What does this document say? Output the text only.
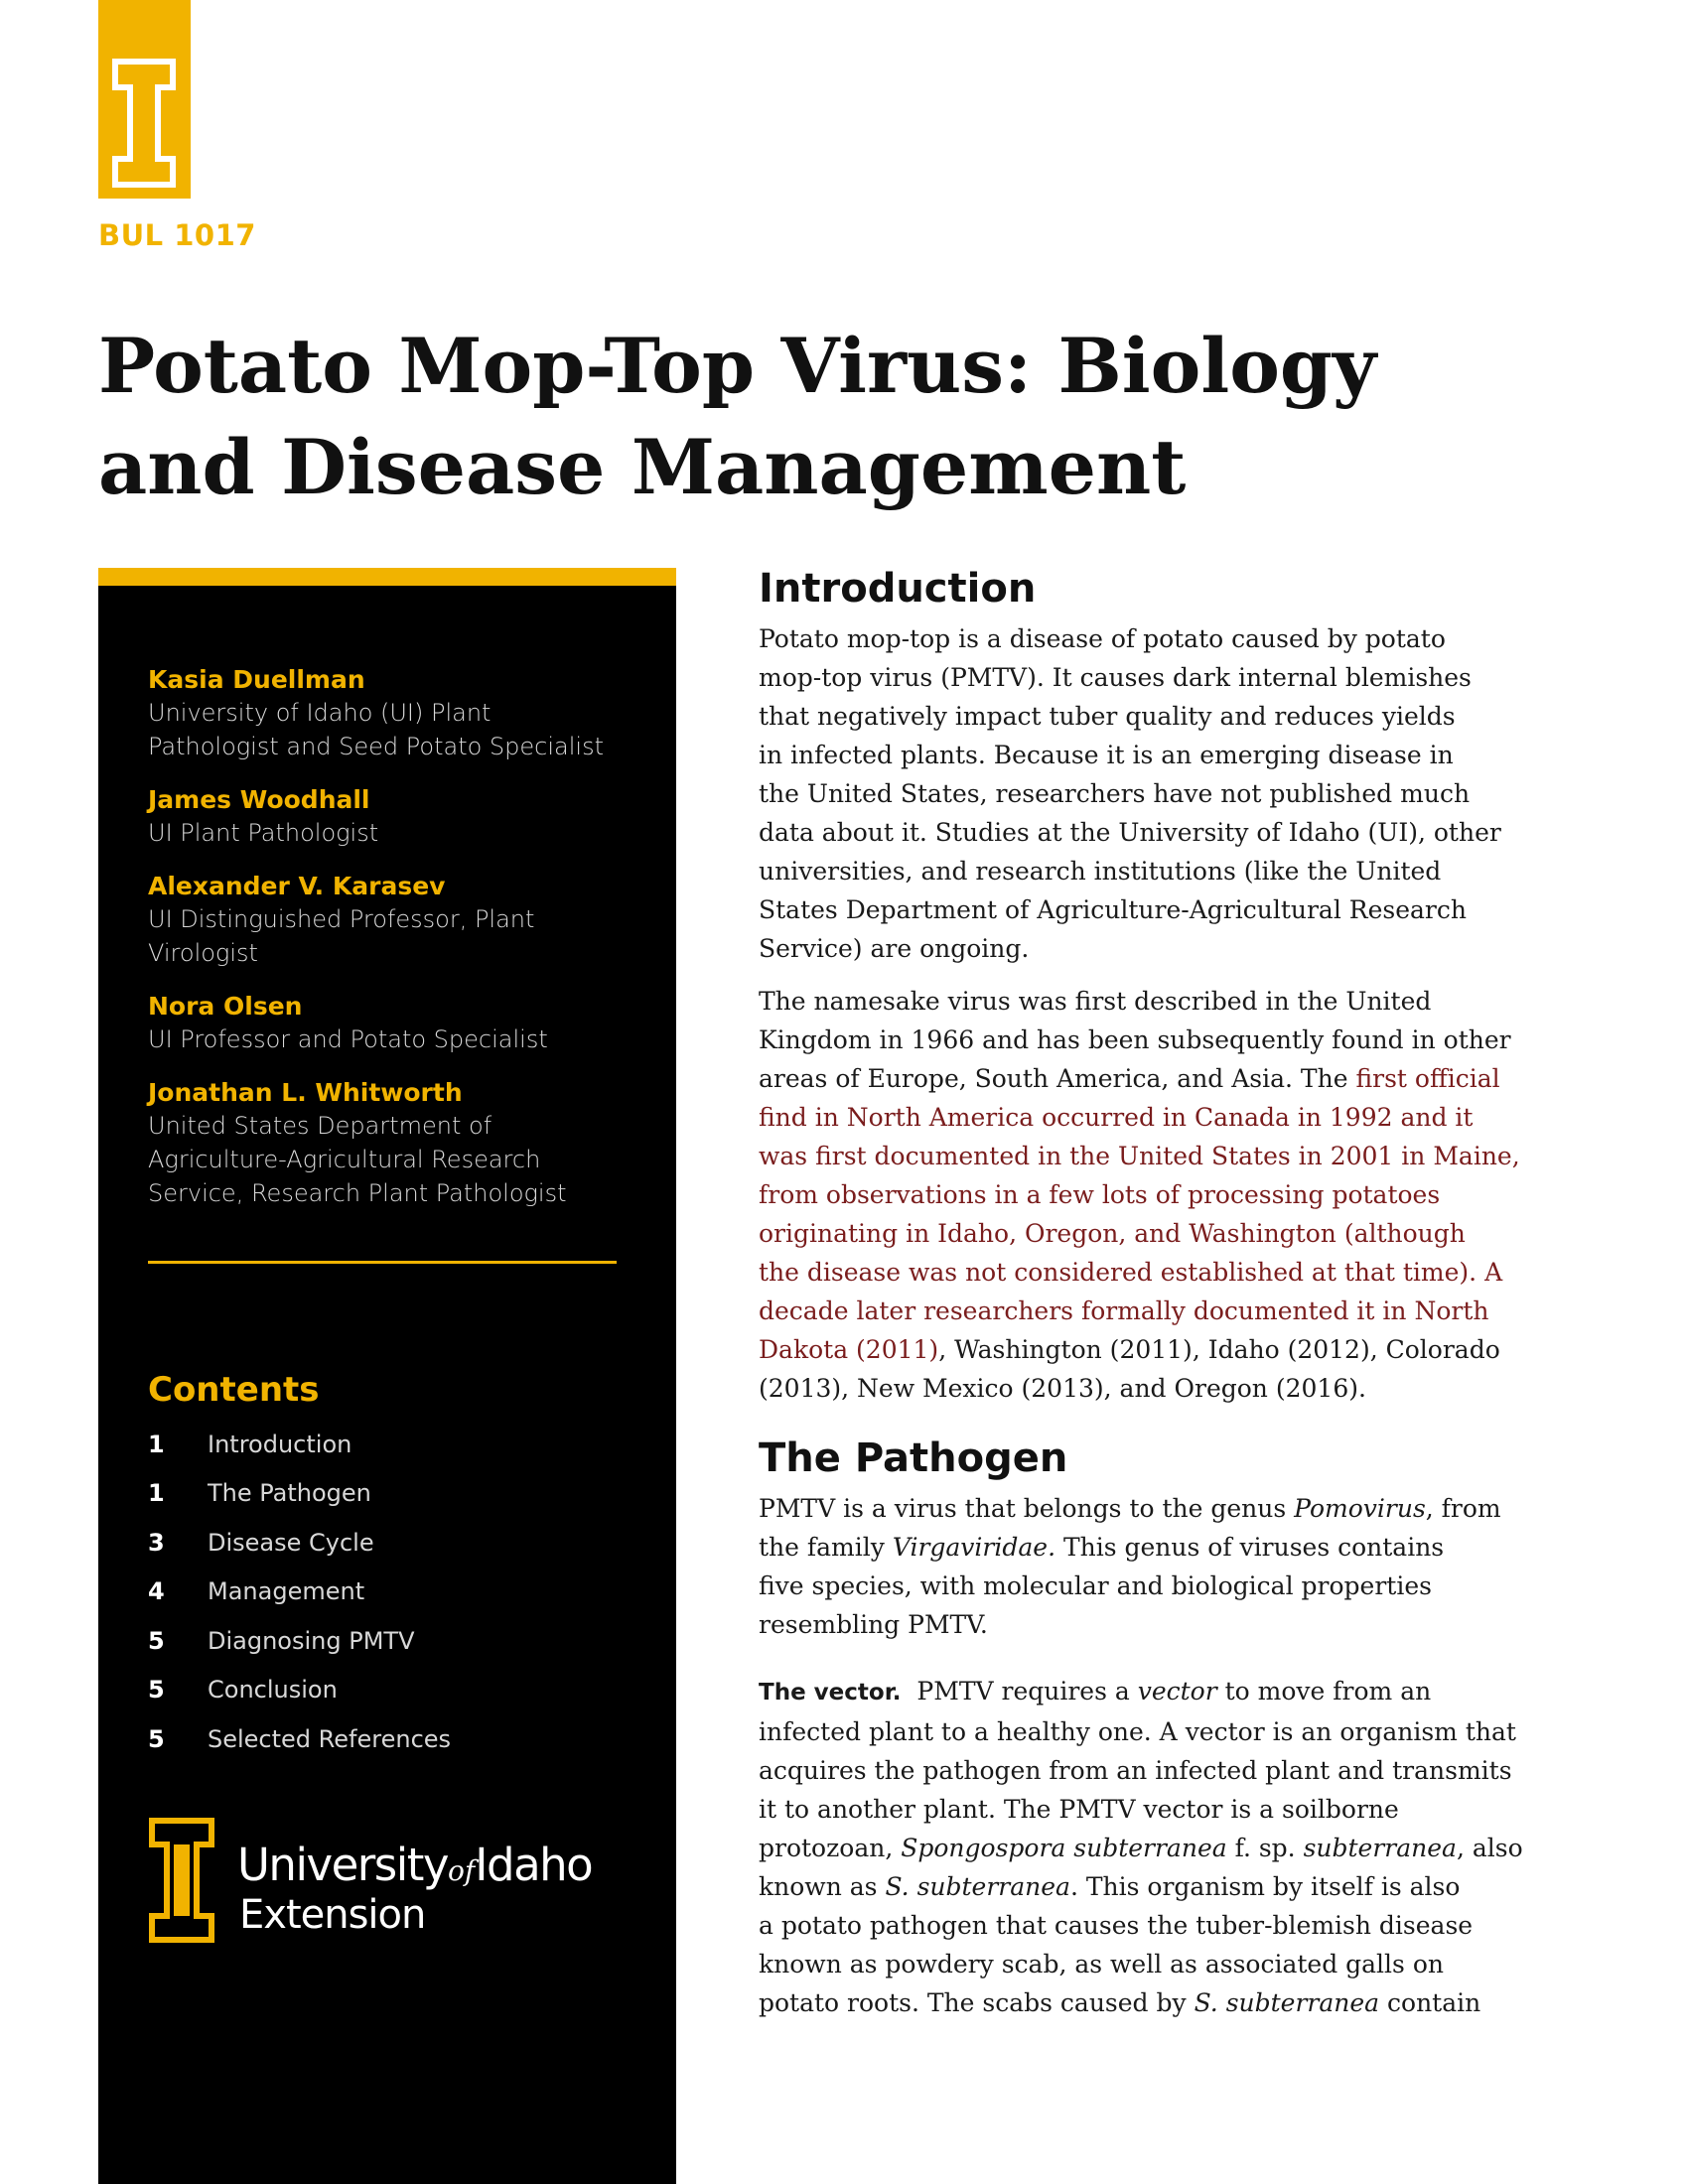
BUL 1017
Potato Mop-Top Virus: Biology
and Disease Management
Kasia Duellman
University of Idaho (UI) Plant
Pathologist and Seed Potato Specialist
James Woodhall
UI Plant Pathologist
Alexander V. Karasev
UI Distinguished Professor, Plant
Virologist
Nora Olsen
UI Professor and Potato Specialist
Jonathan L. Whitworth
United States Department of
Agriculture-Agricultural Research
Service, Research Plant Pathologist
Contents
1	Introduction
1	The Pathogen
3	Disease Cycle
4	Management
5	Diagnosing PMTV
5	Conclusion
5	Selected References
UniversityofIdaho
Extension
Introduction
Potato mop-top is a disease of potato caused by potato
mop-top virus (PMTV). It causes dark internal blemishes
that negatively impact tuber quality and reduces yields
in infected plants. Because it is an emerging disease in
the United States, researchers have not published much
data about it. Studies at the University of Idaho (UI), other
universities, and research institutions (like the United
States Department of Agriculture-Agricultural Research
Service) are ongoing.
The namesake virus was first described in the United
Kingdom in 1966 and has been subsequently found in other
areas of Europe, South America, and Asia. The first official
find in North America occurred in Canada in 1992 and it
was first documented in the United States in 2001 in Maine,
from observations in a few lots of processing potatoes
originating in Idaho, Oregon, and Washington (although
the disease was not considered established at that time). A
decade later researchers formally documented it in North
Dakota (2011), Washington (2011), Idaho (2012), Colorado
(2013), New Mexico (2013), and Oregon (2016).
The Pathogen
PMTV is a virus that belongs to the genus Pomovirus, from
the family Virgaviridae. This genus of viruses contains
five species, with molecular and biological properties
resembling PMTV.
The vector.  PMTV requires a vector to move from an
infected plant to a healthy one. A vector is an organism that
acquires the pathogen from an infected plant and transmits
it to another plant. The PMTV vector is a soilborne
protozoan, Spongospora subterranea f. sp. subterranea, also
known as S. subterranea. This organism by itself is also
a potato pathogen that causes the tuber-blemish disease
known as powdery scab, as well as associated galls on
potato roots. The scabs caused by S. subterranea contain
